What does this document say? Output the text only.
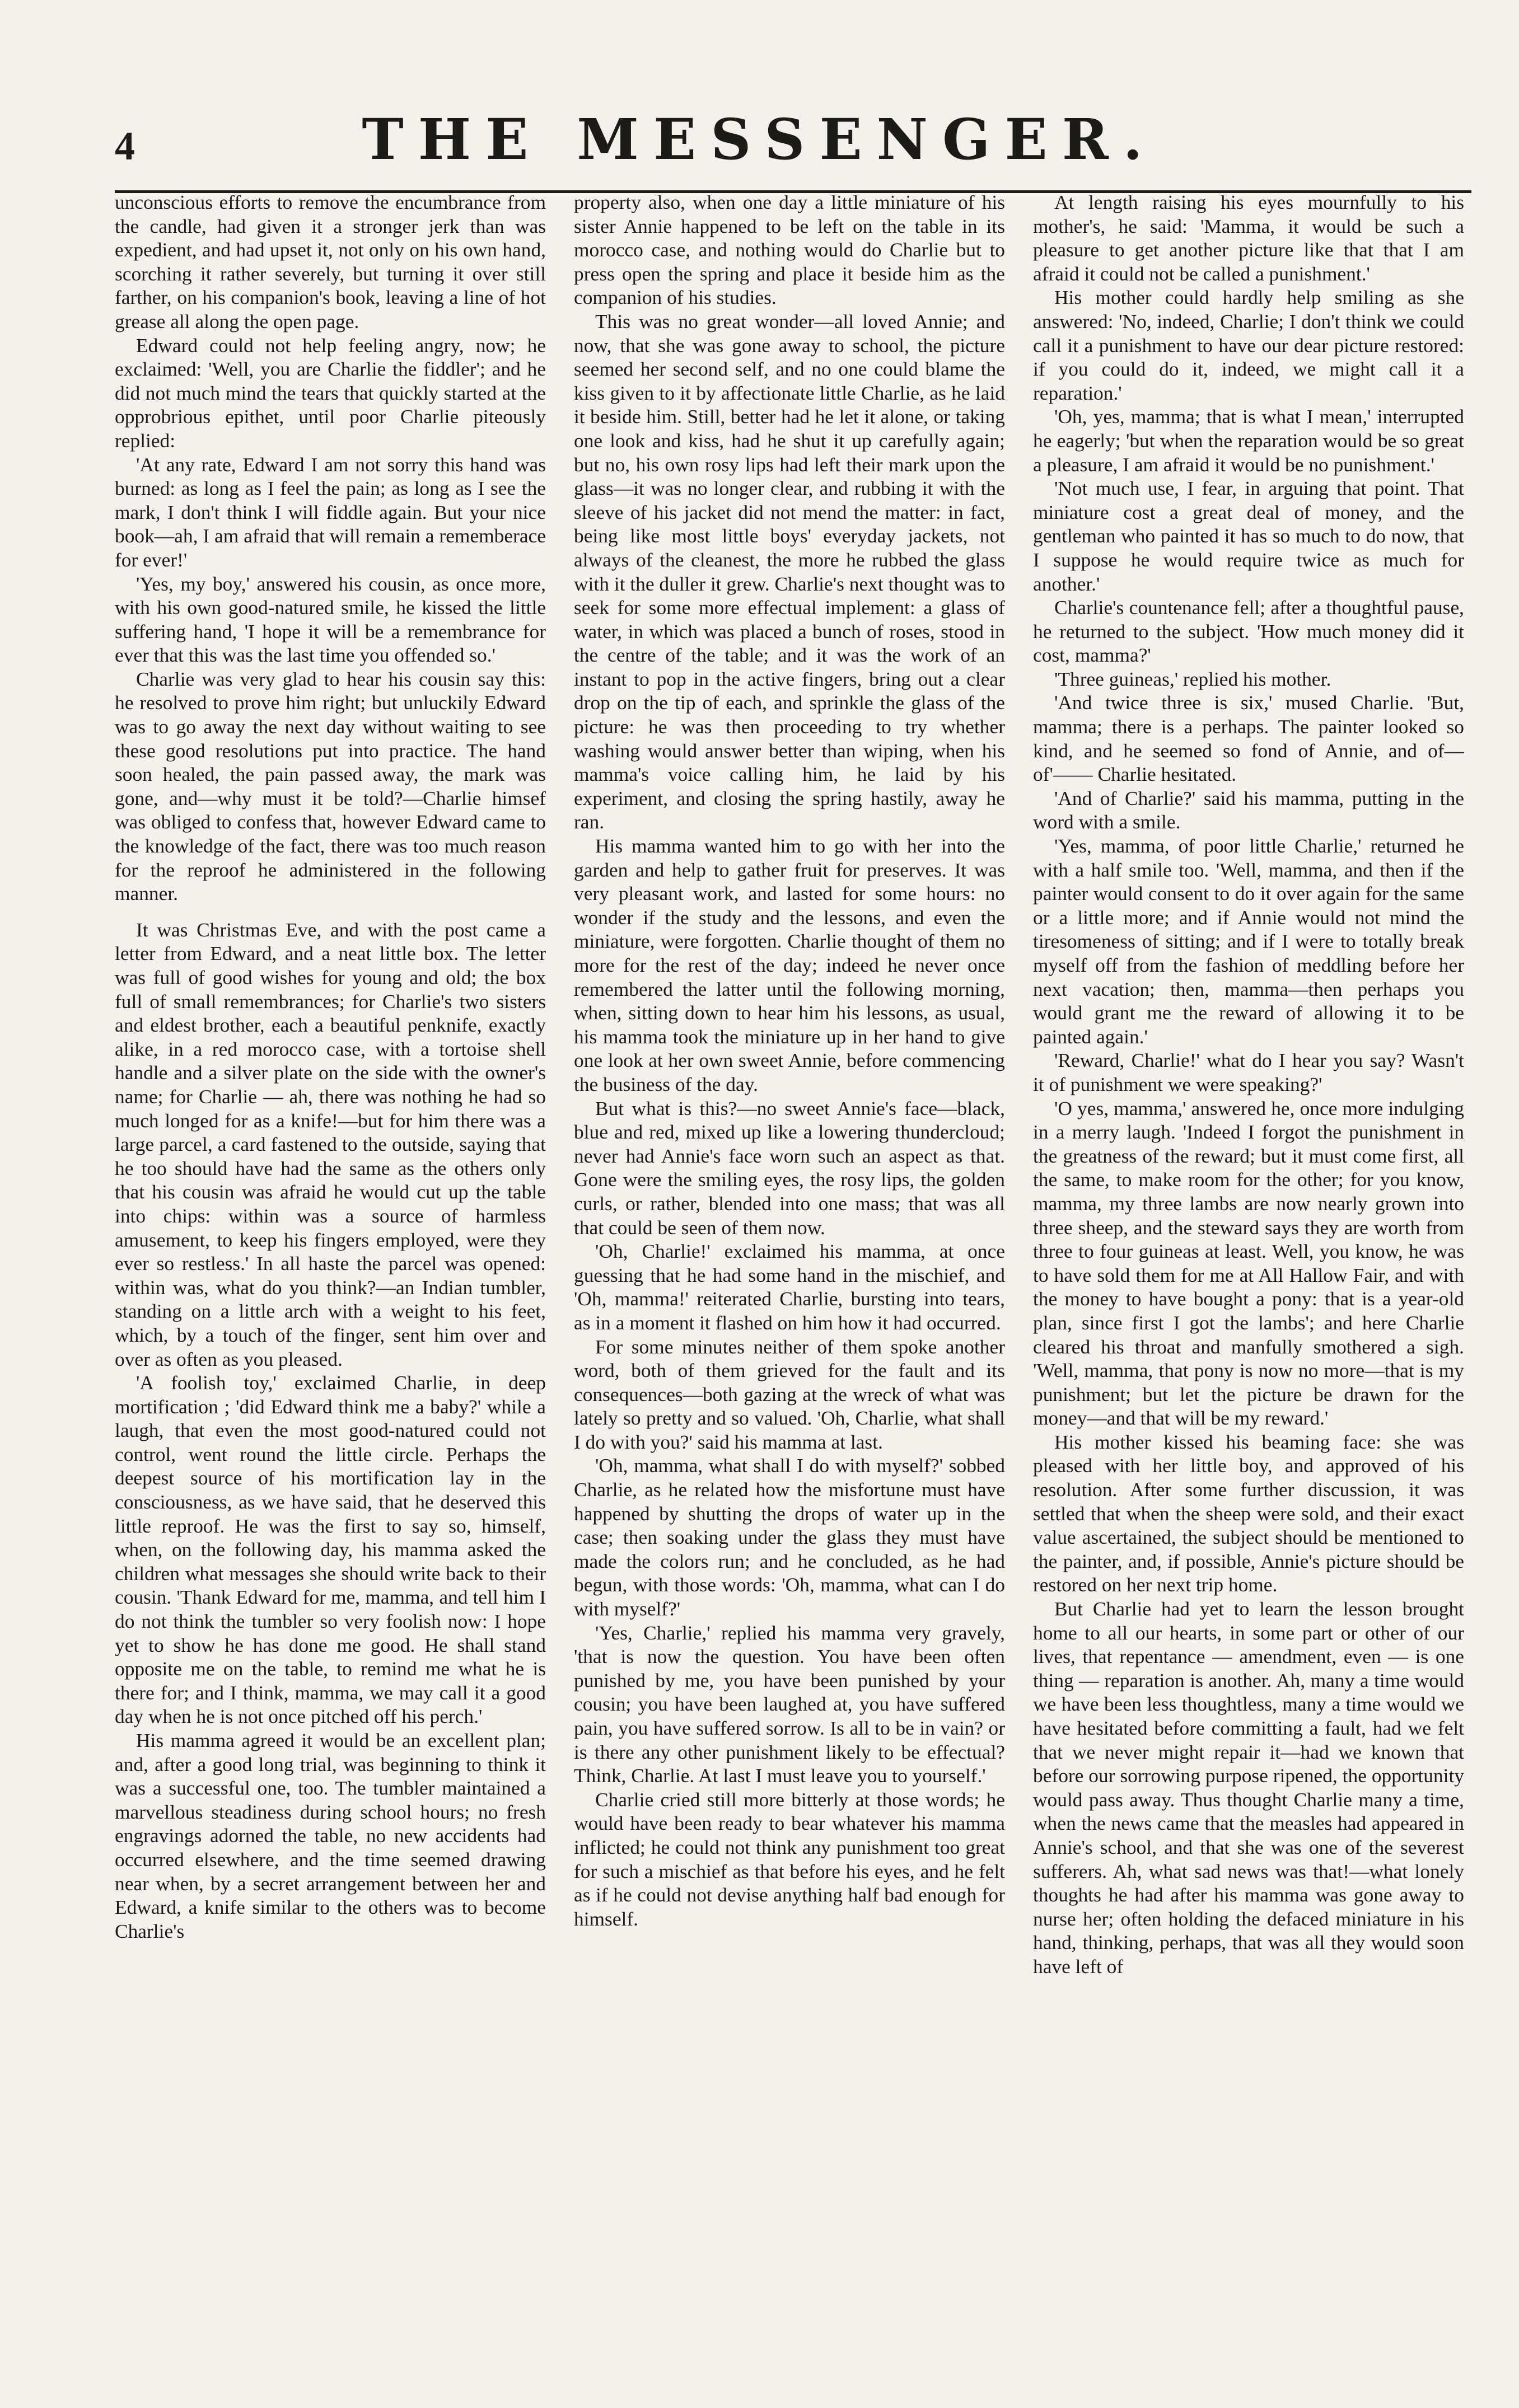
4	THE MESSENGER.

unconscious efforts to remove the encumbrance from the candle, had given it a stronger jerk than was expedient, and had upset it, not only on his own hand, scorching it rather severely, but turning it over still farther, on his companion's book, leaving a line of hot grease all along the open page.

Edward could not help feeling angry, now; he exclaimed: 'Well, you are Charlie the fiddler'; and he did not much mind the tears that quickly started at the opprobrious epithet, until poor Charlie piteously replied:

'At any rate, Edward I am not sorry this hand was burned: as long as I feel the pain; as long as I see the mark, I don't think I will fiddle again. But your nice book—ah, I am afraid that will remain a rememberace for ever!'

'Yes, my boy,' answered his cousin, as once more, with his own good-natured smile, he kissed the little suffering hand, 'I hope it will be a remembrance for ever that this was the last time you offended so.'

Charlie was very glad to hear his cousin say this: he resolved to prove him right; but unluckily Edward was to go away the next day without waiting to see these good resolutions put into practice. The hand soon healed, the pain passed away, the mark was gone, and—why must it be told?—Charlie himsef was obliged to confess that, however Edward came to the knowledge of the fact, there was too much reason for the reproof he administered in the following manner.

It was Christmas Eve, and with the post came a letter from Edward, and a neat little box. The letter was full of good wishes for young and old; the box full of small remembrances; for Charlie's two sisters and eldest brother, each a beautiful penknife, exactly alike, in a red morocco case, with a tortoise shell handle and a silver plate on the side with the owner's name; for Charlie — ah, there was nothing he had so much longed for as a knife!—but for him there was a large parcel, a card fastened to the outside, saying that he too should have had the same as the others only that his cousin was afraid he would cut up the table into chips: within was a source of harmless amusement, to keep his fingers employed, were they ever so restless.' In all haste the parcel was opened: within was, what do you think?—an Indian tumbler, standing on a little arch with a weight to his feet, which, by a touch of the finger, sent him over and over as often as you pleased.

'A foolish toy,' exclaimed Charlie, in deep mortification ; 'did Edward think me a baby?' while a laugh, that even the most good-natured could not control, went round the little circle. Perhaps the deepest source of his mortification lay in the consciousness, as we have said, that he deserved this little reproof. He was the first to say so, himself, when, on the following day, his mamma asked the children what messages she should write back to their cousin. 'Thank Edward for me, mamma, and tell him I do not think the tumbler so very foolish now: I hope yet to show he has done me good. He shall stand opposite me on the table, to remind me what he is there for; and I think, mamma, we may call it a good day when he is not once pitched off his perch.'

His mamma agreed it would be an excellent plan; and, after a good long trial, was beginning to think it was a successful one, too. The tumbler maintained a marvellous steadiness during school hours; no fresh engravings adorned the table, no new accidents had occurred elsewhere, and the time seemed drawing near when, by a secret arrangement between her and Edward, a knife similar to the others was to become Charlie's

property also, when one day a little miniature of his sister Annie happened to be left on the table in its morocco case, and nothing would do Charlie but to press open the spring and place it beside him as the companion of his studies.

This was no great wonder—all loved Annie; and now, that she was gone away to school, the picture seemed her second self, and no one could blame the kiss given to it by affectionate little Charlie, as he laid it beside him. Still, better had he let it alone, or taking one look and kiss, had he shut it up carefully again; but no, his own rosy lips had left their mark upon the glass—it was no longer clear, and rubbing it with the sleeve of his jacket did not mend the matter: in fact, being like most little boys' everyday jackets, not always of the cleanest, the more he rubbed the glass with it the duller it grew. Charlie's next thought was to seek for some more effectual implement: a glass of water, in which was placed a bunch of roses, stood in the centre of the table; and it was the work of an instant to pop in the active fingers, bring out a clear drop on the tip of each, and sprinkle the glass of the picture: he was then proceeding to try whether washing would answer better than wiping, when his mamma's voice calling him, he laid by his experiment, and closing the spring hastily, away he ran.

His mamma wanted him to go with her into the garden and help to gather fruit for preserves. It was very pleasant work, and lasted for some hours: no wonder if the study and the lessons, and even the miniature, were forgotten. Charlie thought of them no more for the rest of the day; indeed he never once remembered the latter until the following morning, when, sitting down to hear him his lessons, as usual, his mamma took the miniature up in her hand to give one look at her own sweet Annie, before commencing the business of the day.

But what is this?—no sweet Annie's face—black, blue and red, mixed up like a lowering thundercloud; never had Annie's face worn such an aspect as that. Gone were the smiling eyes, the rosy lips, the golden curls, or rather, blended into one mass; that was all that could be seen of them now.

'Oh, Charlie!' exclaimed his mamma, at once guessing that he had some hand in the mischief, and 'Oh, mamma!' reiterated Charlie, bursting into tears, as in a moment it flashed on him how it had occurred.

For some minutes neither of them spoke another word, both of them grieved for the fault and its consequences—both gazing at the wreck of what was lately so pretty and so valued. 'Oh, Charlie, what shall I do with you?' said his mamma at last.

'Oh, mamma, what shall I do with myself?' sobbed Charlie, as he related how the misfortune must have happened by shutting the drops of water up in the case; then soaking under the glass they must have made the colors run; and he concluded, as he had begun, with those words: 'Oh, mamma, what can I do with myself?'

'Yes, Charlie,' replied his mamma very gravely, 'that is now the question. You have been often punished by me, you have been punished by your cousin; you have been laughed at, you have suffered pain, you have suffered sorrow. Is all to be in vain? or is there any other punishment likely to be effectual? Think, Charlie. At last I must leave you to yourself.'

Charlie cried still more bitterly at those words; he would have been ready to bear whatever his mamma inflicted; he could not think any punishment too great for such a mischief as that before his eyes, and he felt as if he could not devise anything half bad enough for himself.

At length raising his eyes mournfully to his mother's, he said: 'Mamma, it would be such a pleasure to get another picture like that that I am afraid it could not be called a punishment.'

His mother could hardly help smiling as she answered: 'No, indeed, Charlie; I don't think we could call it a punishment to have our dear picture restored: if you could do it, indeed, we might call it a reparation.'

'Oh, yes, mamma; that is what I mean,' interrupted he eagerly; 'but when the reparation would be so great a pleasure, I am afraid it would be no punishment.'

'Not much use, I fear, in arguing that point. That miniature cost a great deal of money, and the gentleman who painted it has so much to do now, that I suppose he would require twice as much for another.'

Charlie's countenance fell; after a thoughtful pause, he returned to the subject. 'How much money did it cost, mamma?'

'Three guineas,' replied his mother.

'And twice three is six,' mused Charlie. 'But, mamma; there is a perhaps. The painter looked so kind, and he seemed so fond of Annie, and of—of'—— Charlie hesitated.

'And of Charlie?' said his mamma, putting in the word with a smile.

'Yes, mamma, of poor little Charlie,' returned he with a half smile too. 'Well, mamma, and then if the painter would consent to do it over again for the same or a little more; and if Annie would not mind the tiresomeness of sitting; and if I were to totally break myself off from the fashion of meddling before her next vacation; then, mamma—then perhaps you would grant me the reward of allowing it to be painted again.'

'Reward, Charlie!' what do I hear you say? Wasn't it of punishment we were speaking?'

'O yes, mamma,' answered he, once more indulging in a merry laugh. 'Indeed I forgot the punishment in the greatness of the reward; but it must come first, all the same, to make room for the other; for you know, mamma, my three lambs are now nearly grown into three sheep, and the steward says they are worth from three to four guineas at least. Well, you know, he was to have sold them for me at All Hallow Fair, and with the money to have bought a pony: that is a year-old plan, since first I got the lambs'; and here Charlie cleared his throat and manfully smothered a sigh. 'Well, mamma, that pony is now no more—that is my punishment; but let the picture be drawn for the money—and that will be my reward.'

His mother kissed his beaming face: she was pleased with her little boy, and approved of his resolution. After some further discussion, it was settled that when the sheep were sold, and their exact value ascertained, the subject should be mentioned to the painter, and, if possible, Annie's picture should be restored on her next trip home.

But Charlie had yet to learn the lesson brought home to all our hearts, in some part or other of our lives, that repentance — amendment, even — is one thing — reparation is another. Ah, many a time would we have been less thoughtless, many a time would we have hesitated before committing a fault, had we felt that we never might repair it—had we known that before our sorrowing purpose ripened, the opportunity would pass away. Thus thought Charlie many a time, when the news came that the measles had appeared in Annie's school, and that she was one of the severest sufferers. Ah, what sad news was that!—what lonely thoughts he had after his mamma was gone away to nurse her; often holding the defaced miniature in his hand, thinking, perhaps, that was all they would soon have left of
